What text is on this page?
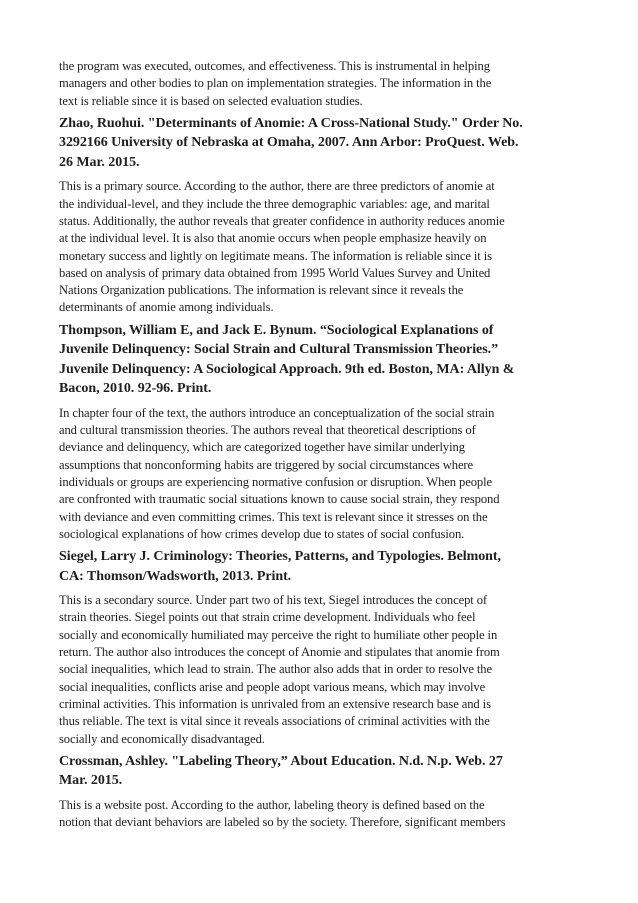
the program was executed, outcomes, and effectiveness. This is instrumental in helping
managers and other bodies to plan on implementation strategies. The information in the
text is reliable since it is based on selected evaluation studies.
Zhao, Ruohui. "Determinants of Anomie: A Cross-National Study." Order No.
3292166 University of Nebraska at Omaha, 2007. Ann Arbor: ProQuest. Web.
26 Mar. 2015.
This is a primary source. According to the author, there are three predictors of anomie at
the individual-level, and they include the three demographic variables: age, and marital
status. Additionally, the author reveals that greater confidence in authority reduces anomie
at the individual level. It is also that anomie occurs when people emphasize heavily on
monetary success and lightly on legitimate means. The information is reliable since it is
based on analysis of primary data obtained from 1995 World Values Survey and United
Nations Organization publications. The information is relevant since it reveals the
determinants of anomie among individuals.
Thompson, William E, and Jack E. Bynum. “Sociological Explanations of
Juvenile Delinquency: Social Strain and Cultural Transmission Theories.”
Juvenile Delinquency: A Sociological Approach. 9th ed. Boston, MA: Allyn &
Bacon, 2010. 92-96. Print.
In chapter four of the text, the authors introduce an conceptualization of the social strain
and cultural transmission theories. The authors reveal that theoretical descriptions of
deviance and delinquency, which are categorized together have similar underlying
assumptions that nonconforming habits are triggered by social circumstances where
individuals or groups are experiencing normative confusion or disruption. When people
are confronted with traumatic social situations known to cause social strain, they respond
with deviance and even committing crimes. This text is relevant since it stresses on the
sociological explanations of how crimes develop due to states of social confusion.
Siegel, Larry J. Criminology: Theories, Patterns, and Typologies. Belmont,
CA: Thomson/Wadsworth, 2013. Print.
This is a secondary source. Under part two of his text, Siegel introduces the concept of
strain theories. Siegel points out that strain crime development. Individuals who feel
socially and economically humiliated may perceive the right to humiliate other people in
return. The author also introduces the concept of Anomie and stipulates that anomie from
social inequalities, which lead to strain. The author also adds that in order to resolve the
social inequalities, conflicts arise and people adopt various means, which may involve
criminal activities. This information is unrivaled from an extensive research base and is
thus reliable. The text is vital since it reveals associations of criminal activities with the
socially and economically disadvantaged.
Crossman, Ashley. "Labeling Theory,” About Education. N.d. N.p. Web. 27
Mar. 2015.
This is a website post. According to the author, labeling theory is defined based on the
notion that deviant behaviors are labeled so by the society. Therefore, significant members
